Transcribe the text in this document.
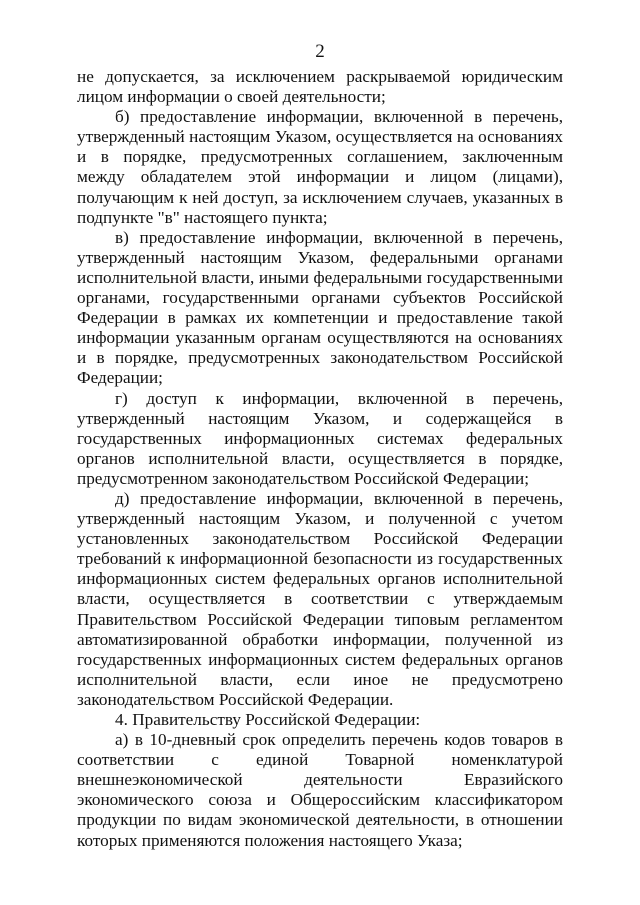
2

не допускается, за исключением раскрываемой юридическим лицом информации о своей деятельности;

б) предоставление информации, включенной в перечень, утвержденный настоящим Указом, осуществляется на основаниях и в порядке, предусмотренных соглашением, заключенным между обладателем этой информации и лицом (лицами), получающим к ней доступ, за исключением случаев, указанных в подпункте "в" настоящего пункта;

в) предоставление информации, включенной в перечень, утвержденный настоящим Указом, федеральными органами исполнительной власти, иными федеральными государственными органами, государственными органами субъектов Российской Федерации в рамках их компетенции и предоставление такой информации указанным органам осуществляются на основаниях и в порядке, предусмотренных законодательством Российской Федерации;

г) доступ к информации, включенной в перечень, утвержденный настоящим Указом, и содержащейся в государственных информационных системах федеральных органов исполнительной власти, осуществляется в порядке, предусмотренном законодательством Российской Федерации;

д) предоставление информации, включенной в перечень, утвержденный настоящим Указом, и полученной с учетом установленных законодательством Российской Федерации требований к информационной безопасности из государственных информационных систем федеральных органов исполнительной власти, осуществляется в соответствии с утверждаемым Правительством Российской Федерации типовым регламентом автоматизированной обработки информации, полученной из государственных информационных систем федеральных органов исполнительной власти, если иное не предусмотрено законодательством Российской Федерации.

4. Правительству Российской Федерации:

а) в 10-дневный срок определить перечень кодов товаров в соответствии с единой Товарной номенклатурой внешнеэкономической деятельности Евразийского экономического союза и Общероссийским классификатором продукции по видам экономической деятельности, в отношении которых применяются положения настоящего Указа;
